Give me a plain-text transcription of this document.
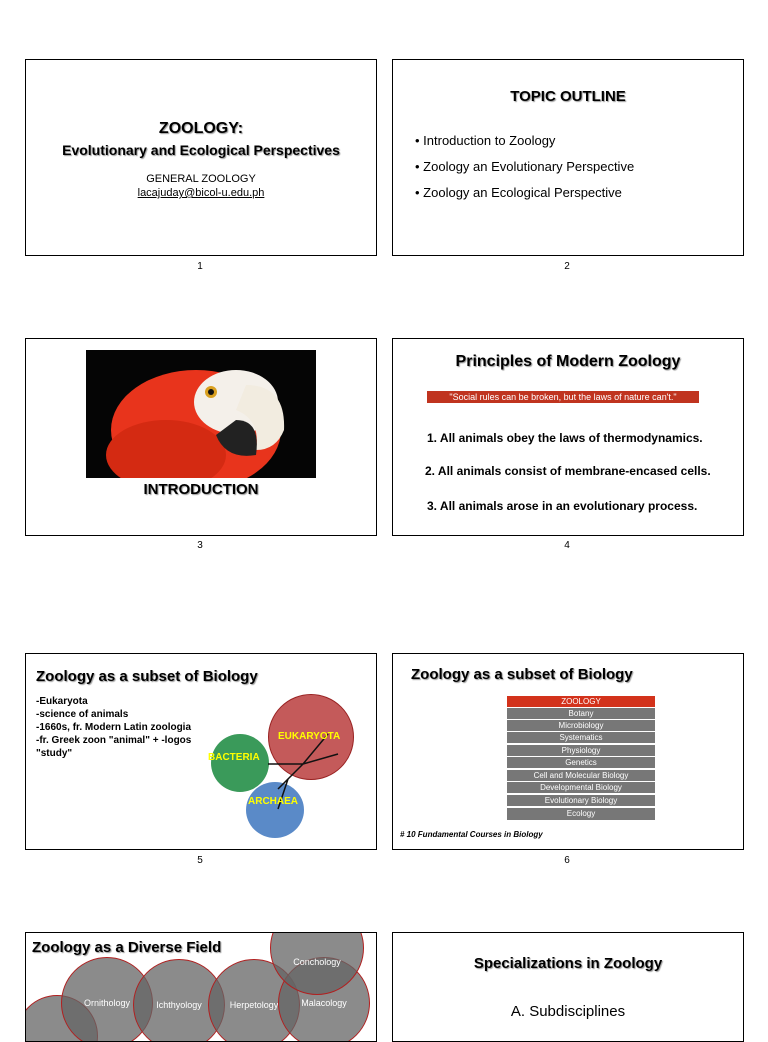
ZOOLOGY:
Evolutionary and Ecological Perspectives
GENERAL ZOOLOGY
lacajuday@bicol-u.edu.ph
1
TOPIC OUTLINE
• Introduction to Zoology
• Zoology an Evolutionary Perspective
• Zoology an Ecological Perspective
2
INTRODUCTION
3
Principles of Modern Zoology
"Social rules can be broken, but the laws of nature can't."
1. All animals obey the laws of thermodynamics.
2. All animals consist of membrane-encased cells.
3. All animals arose in an evolutionary process.
4
Zoology as a subset of Biology
-Eukaryota
-science of animals
-1660s, fr. Modern Latin zoologia
-fr. Greek zoon "animal" + -logos
"study"	BACTERIA
EUKARYOTA
ARCHAEA
5
Zoology as a subset of Biology
ZOOLOGY
Botany
Microbiology
Systematics
Physiology
Genetics
Cell and Molecular Biology
Developmental Biology
Evolutionary Biology
Ecology
# 10 Fundamental Courses in Biology
6
Ornithology	Ichthyology	Herpetology	Malacology
Conchology
Zoology as a Diverse Field
Specializations in Zoology
A. Subdisciplines
